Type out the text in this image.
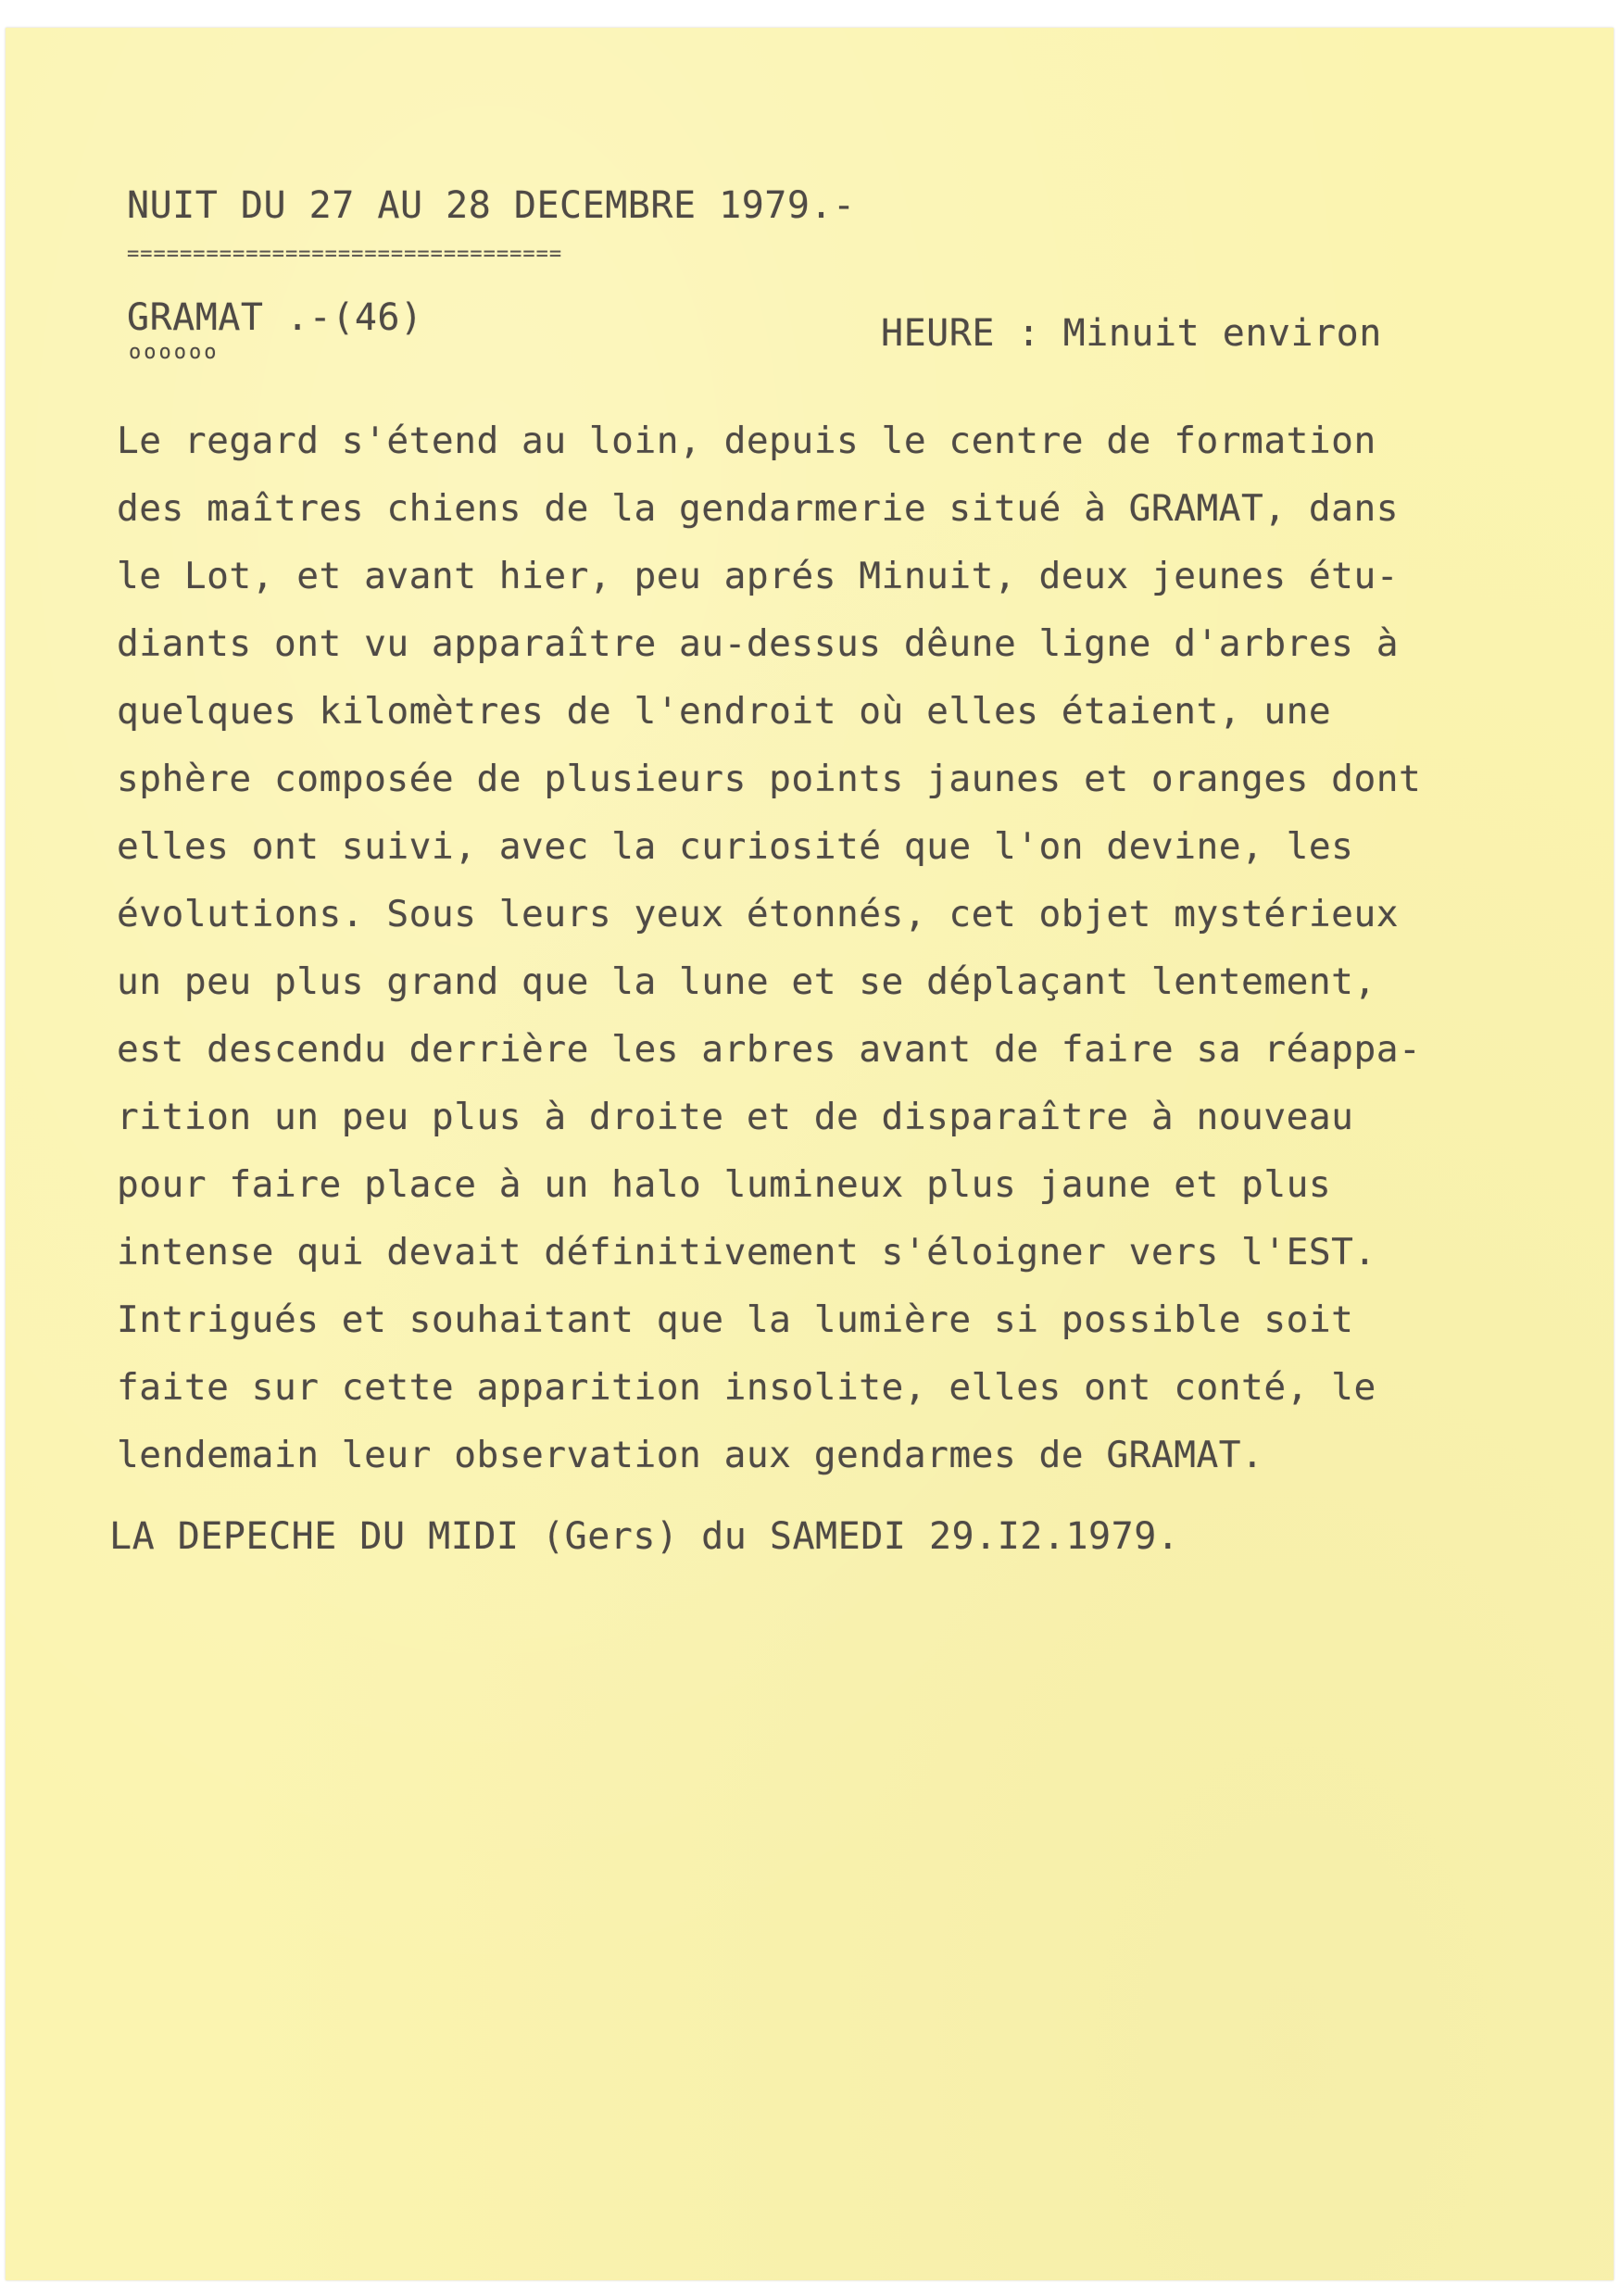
NUIT DU 27 AU 28 DECEMBRE 1979.-
=================================
GRAMAT .-(46)
oooooo	HEURE : Minuit environ
Le regard s'étend au loin, depuis le centre de formation
des maîtres chiens de la gendarmerie situé à GRAMAT, dans
le Lot, et avant hier, peu aprés Minuit, deux jeunes étu-
diants ont vu apparaître au-dessus dêune ligne d'arbres à
quelques kilomètres de l'endroit où elles étaient, une
sphère composée de plusieurs points jaunes et oranges dont
elles ont suivi, avec la curiosité que l'on devine, les
évolutions. Sous leurs yeux étonnés, cet objet mystérieux
un peu plus grand que la lune et se déplaçant lentement,
est descendu derrière les arbres avant de faire sa réappa-
rition un peu plus à droite et de disparaître à nouveau
pour faire place à un halo lumineux plus jaune et plus
intense qui devait définitivement s'éloigner vers l'EST.
Intrigués et souhaitant que la lumière si possible soit
faite sur cette apparition insolite, elles ont conté, le
lendemain leur observation aux gendarmes de GRAMAT.
LA DEPECHE DU MIDI (Gers) du SAMEDI 29.I2.1979.
